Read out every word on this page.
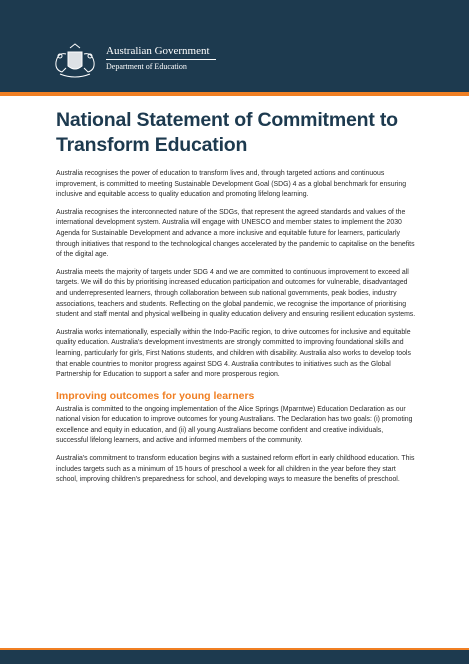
Australian Government
Department of Education
National Statement of Commitment to Transform Education

Australia recognises the power of education to transform lives and, through targeted actions and continuous improvement, is committed to meeting Sustainable Development Goal (SDG) 4 as a global benchmark for ensuring inclusive and equitable access to quality education and promoting lifelong learning.

Australia recognises the interconnected nature of the SDGs, that represent the agreed standards and values of the international development system. Australia will engage with UNESCO and member states to implement the 2030 Agenda for Sustainable Development and advance a more inclusive and equitable future for learners, particularly through initiatives that respond to the technological changes accelerated by the pandemic to capitalise on the benefits of the digital age.

Australia meets the majority of targets under SDG 4 and we are committed to continuous improvement to exceed all targets. We will do this by prioritising increased education participation and outcomes for vulnerable, disadvantaged and underrepresented learners, through collaboration between sub national governments, peak bodies, industry associations, teachers and students. Reflecting on the global pandemic, we recognise the importance of prioritising student and staff mental and physical wellbeing in quality education delivery and ensuring resilient education systems.

Australia works internationally, especially within the Indo-Pacific region, to drive outcomes for inclusive and equitable quality education. Australia's development investments are strongly committed to improving foundational skills and learning, particularly for girls, First Nations students, and children with disability. Australia also works to develop tools that enable countries to monitor progress against SDG 4. Australia contributes to initiatives such as the Global Partnership for Education to support a safer and more prosperous region.

Improving outcomes for young learners

Australia is committed to the ongoing implementation of the Alice Springs (Mparntwe) Education Declaration as our national vision for education to improve outcomes for young Australians. The Declaration has two goals: (i) promoting excellence and equity in education, and (ii) all young Australians become confident and creative individuals, successful lifelong learners, and active and informed members of the community.

Australia's commitment to transform education begins with a sustained reform effort in early childhood education. This includes targets such as a minimum of 15 hours of preschool a week for all children in the year before they start school, improving children's preparedness for school, and developing ways to measure the benefits of preschool.
